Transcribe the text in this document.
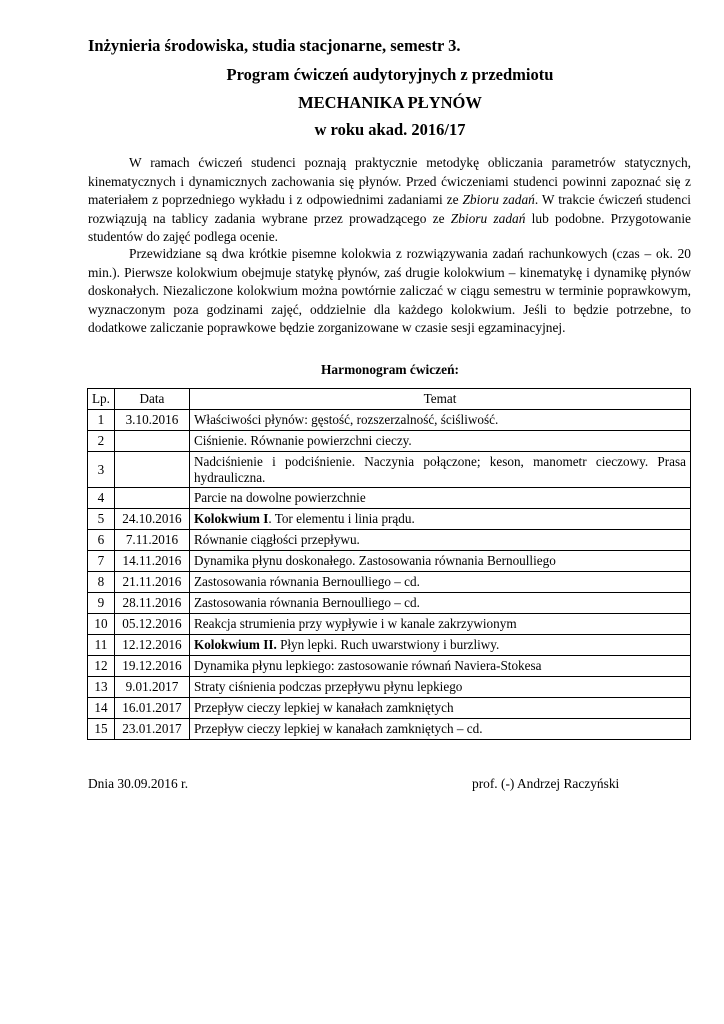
Inżynieria środowiska, studia stacjonarne, semestr 3.
Program ćwiczeń audytoryjnych z przedmiotu
MECHANIKA PŁYNÓW
w roku akad. 2016/17
W ramach ćwiczeń studenci poznają praktycznie metodykę obliczania parametrów statycznych, kinematycznych i dynamicznych zachowania się płynów. Przed ćwiczeniami studenci powinni zapoznać się z materiałem z poprzedniego wykładu i z odpowiednimi zadaniami ze Zbioru zadań. W trakcie ćwiczeń studenci rozwiązują na tablicy zadania wybrane przez prowadzącego ze Zbioru zadań lub podobne. Przygotowanie studentów do zajęć podlega ocenie.
Przewidziane są dwa krótkie pisemne kolokwia z rozwiązywania zadań rachunkowych (czas – ok. 20 min.). Pierwsze kolokwium obejmuje statykę płynów, zaś drugie kolokwium – kinematykę i dynamikę płynów doskonałych. Niezaliczone kolokwium można powtórnie zaliczać w ciągu semestru w terminie poprawkowym, wyznaczonym poza godzinami zajęć, oddzielnie dla każdego kolokwium. Jeśli to będzie potrzebne, to dodatkowe zaliczanie poprawkowe będzie zorganizowane w czasie sesji egzaminacyjnej.
Harmonogram ćwiczeń:
Lp.	Data	Temat
1	3.10.2016	Właściwości płynów: gęstość, rozszerzalność, ściśliwość.
2		Ciśnienie. Równanie powierzchni cieczy.
3		Nadciśnienie i podciśnienie. Naczynia połączone; keson, manometr cieczowy. Prasa hydrauliczna.
4		Parcie na dowolne powierzchnie
5	24.10.2016	Kolokwium I. Tor elementu i linia prądu.
6	7.11.2016	Równanie ciągłości przepływu.
7	14.11.2016	Dynamika płynu doskonałego. Zastosowania równania Bernoulliego
8	21.11.2016	Zastosowania równania Bernoulliego – cd.
9	28.11.2016	Zastosowania równania Bernoulliego – cd.
10	05.12.2016	Reakcja strumienia przy wypływie i w kanale zakrzywionym
11	12.12.2016	Kolokwium II. Płyn lepki. Ruch uwarstwiony i burzliwy.
12	19.12.2016	Dynamika płynu lepkiego: zastosowanie równań Naviera-Stokesa
13	9.01.2017	Straty ciśnienia podczas przepływu płynu lepkiego
14	16.01.2017	Przepływ cieczy lepkiej w kanałach zamkniętych
15	23.01.2017	Przepływ cieczy lepkiej w kanałach zamkniętych – cd.
Dnia 30.09.2016 r.	prof. (-) Andrzej Raczyński
